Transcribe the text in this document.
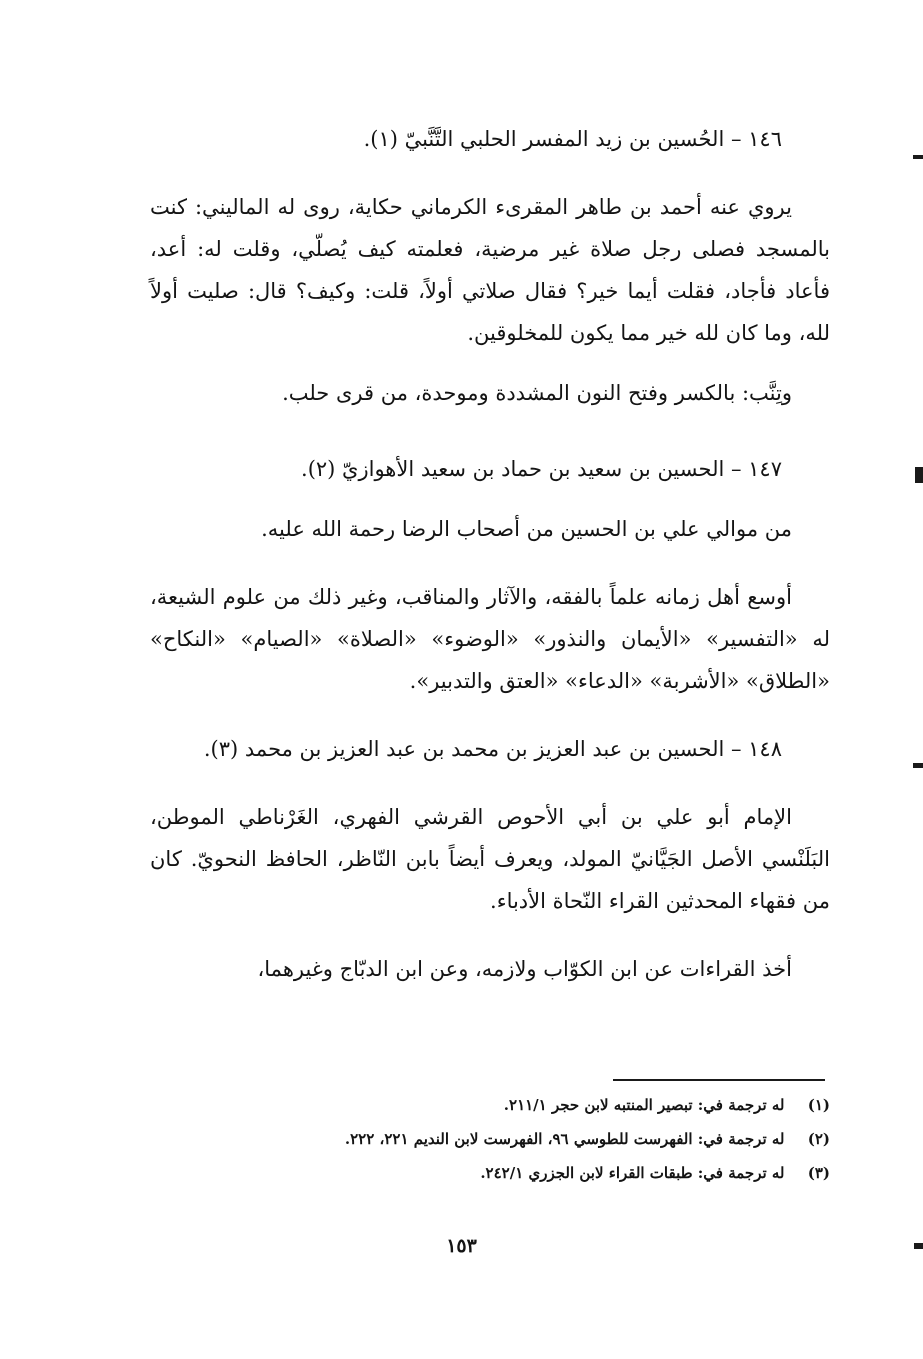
١٤٦ – الحُسين بن زيد المفسر الحلبي التَّنَّبيّ (١).

يروي عنه أحمد بن طاهر المقرىء الكرماني حكاية، روى له الماليني: كنت بالمسجد فصلى رجل صلاة غير مرضية، فعلمته كيف يُصلّي، وقلت له: أعد، فأعاد فأجاد، فقلت أيما خير؟ فقال صلاتي أولاً، قلت: وكيف؟ قال: صليت أولاً لله، وما كان لله خير مما يكون للمخلوقين.

وتِنَّب: بالكسر وفتح النون المشددة وموحدة، من قرى حلب.

١٤٧ – الحسين بن سعيد بن حماد بن سعيد الأهوازيّ (٢).

من موالي علي بن الحسين من أصحاب الرضا رحمة الله عليه.

أوسع أهل زمانه علماً بالفقه، والآثار والمناقب، وغير ذلك من علوم الشيعة، له «التفسير» «الأيمان والنذور» «الوضوء» «الصلاة» «الصيام» «النكاح» «الطلاق» «الأشربة» «الدعاء» «العتق والتدبير».

١٤٨ – الحسين بن عبد العزيز بن محمد بن عبد العزيز بن محمد (٣).

الإمام أبو علي بن أبي الأحوص القرشي الفهري، الغَرْناطي الموطن، البَلَنْسي الأصل الجَيَّانيّ المولد، ويعرف أيضاً بابن النّاظر، الحافظ النحويّ. كان من فقهاء المحدثين القراء النّحاة الأدباء.

أخذ القراءات عن ابن الكوّاب ولازمه، وعن ابن الدبّاج وغيرهما،

(١) له ترجمة في: تبصير المنتبه لابن حجر ٢١١/١.

(٢) له ترجمة في: الفهرست للطوسي ٩٦، الفهرست لابن النديم ٢٢١، ٢٢٢.

(٣) له ترجمة في: طبقات القراء لابن الجزري ٢٤٢/١.

١٥٣
